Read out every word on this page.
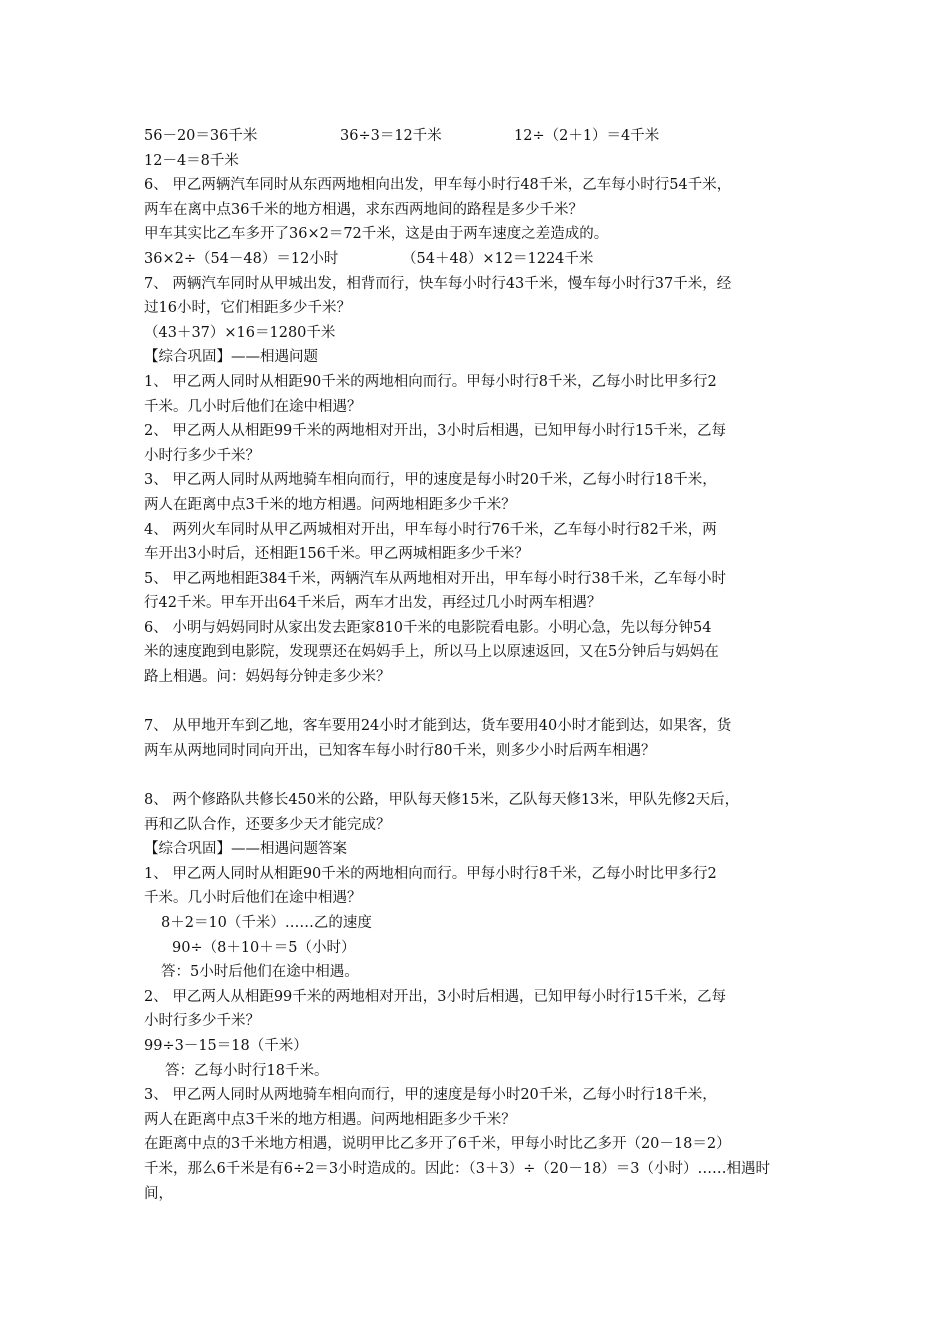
56－20＝36千米	36÷3＝12千米	12÷（2＋1）＝4千米
12－4＝8千米
6、 甲乙两辆汽车同时从东西两地相向出发，甲车每小时行48千米，乙车每小时行54千米，
两车在离中点36千米的地方相遇，求东西两地间的路程是多少千米？
甲车其实比乙车多开了36×2＝72千米，这是由于两车速度之差造成的。
36×2÷（54－48）＝12小时	（54＋48）×12＝1224千米
7、 两辆汽车同时从甲城出发，相背而行，快车每小时行43千米，慢车每小时行37千米，经
过16小时，它们相距多少千米？
（43＋37）×16＝1280千米
【综合巩固】——相遇问题
1、 甲乙两人同时从相距90千米的两地相向而行。甲每小时行8千米，乙每小时比甲多行2
千米。几小时后他们在途中相遇？
2、 甲乙两人从相距99千米的两地相对开出，3小时后相遇，已知甲每小时行15千米，乙每
小时行多少千米？
3、 甲乙两人同时从两地骑车相向而行，甲的速度是每小时20千米，乙每小时行18千米，
两人在距离中点3千米的地方相遇。问两地相距多少千米？
4、 两列火车同时从甲乙两城相对开出，甲车每小时行76千米，乙车每小时行82千米，两
车开出3小时后，还相距156千米。甲乙两城相距多少千米？
5、 甲乙两地相距384千米，两辆汽车从两地相对开出，甲车每小时行38千米，乙车每小时
行42千米。甲车开出64千米后，两车才出发，再经过几小时两车相遇？
6、 小明与妈妈同时从家出发去距家810千米的电影院看电影。小明心急，先以每分钟54
米的速度跑到电影院，发现票还在妈妈手上，所以马上以原速返回，又在5分钟后与妈妈在
路上相遇。问：妈妈每分钟走多少米？
7、 从甲地开车到乙地，客车要用24小时才能到达，货车要用40小时才能到达，如果客，货
两车从两地同时同向开出，已知客车每小时行80千米，则多少小时后两车相遇？
8、 两个修路队共修长450米的公路，甲队每天修15米，乙队每天修13米，甲队先修2天后，
再和乙队合作，还要多少天才能完成？
【综合巩固】——相遇问题答案
1、 甲乙两人同时从相距90千米的两地相向而行。甲每小时行8千米，乙每小时比甲多行2
千米。几小时后他们在途中相遇？
8＋2＝10（千米）……乙的速度
90÷（8＋10＋＝5（小时）
答：5小时后他们在途中相遇。
2、 甲乙两人从相距99千米的两地相对开出，3小时后相遇，已知甲每小时行15千米，乙每
小时行多少千米？
99÷3－15＝18（千米）
答：乙每小时行18千米。
3、 甲乙两人同时从两地骑车相向而行，甲的速度是每小时20千米，乙每小时行18千米，
两人在距离中点3千米的地方相遇。问两地相距多少千米？
在距离中点的3千米地方相遇，说明甲比乙多开了6千米，甲每小时比乙多开（20－18＝2）
千米，那么6千米是有6÷2＝3小时造成的。因此：（3＋3）÷（20－18）＝3（小时）……相遇时
间，
